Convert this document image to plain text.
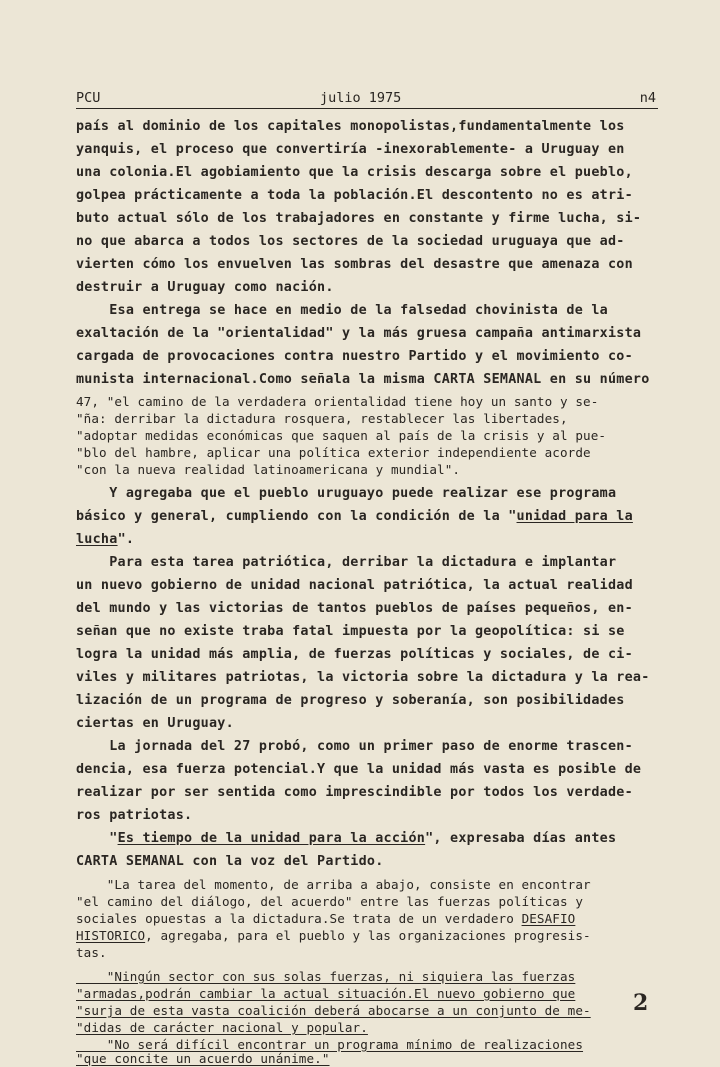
PCU	julio 1975	n4
país al dominio de los capitales monopolistas,fundamentalmente los
yanquis, el proceso que convertiría -inexorablemente- a Uruguay en
una colonia.El agobiamiento que la crisis descarga sobre el pueblo,
golpea prácticamente a toda la población.El descontento no es atri-
buto actual sólo de los trabajadores en constante y firme lucha, si-
no que abarca a todos los sectores de la sociedad uruguaya que ad-
vierten cómo los envuelven las sombras del desastre que amenaza con
destruir a Uruguay como nación.
Esa entrega se hace en medio de la falsedad chovinista de la
exaltación de la "orientalidad" y la más gruesa campaña antimarxista
cargada de provocaciones contra nuestro Partido y el movimiento co-
munista internacional.Como señala la misma CARTA SEMANAL en su número
47, "el camino de la verdadera orientalidad tiene hoy un santo y se-
"ña: derribar la dictadura rosquera, restablecer las libertades,
"adoptar medidas económicas que saquen al país de la crisis y al pue-
"blo del hambre, aplicar una política exterior independiente acorde
"con la nueva realidad latinoamericana y mundial".
Y agregaba que el pueblo uruguayo puede realizar ese programa
básico y general, cumpliendo con la condición de la "unidad para la
lucha".
Para esta tarea patriótica, derribar la dictadura e implantar
un nuevo gobierno de unidad nacional patriótica, la actual realidad
del mundo y las victorias de tantos pueblos de países pequeños, en-
señan que no existe traba fatal impuesta por la geopolítica: si se
logra la unidad más amplia, de fuerzas políticas y sociales, de ci-
viles y militares patriotas, la victoria sobre la dictadura y la rea-
lización de un programa de progreso y soberanía, son posibilidades
ciertas en Uruguay.
La jornada del 27 probó, como un primer paso de enorme trascen-
dencia, esa fuerza potencial.Y que la unidad más vasta es posible de
realizar por ser sentida como imprescindible por todos los verdade-
ros patriotas.
"Es tiempo de la unidad para la acción", expresaba días antes
CARTA SEMANAL con la voz del Partido.
"La tarea del momento, de arriba a abajo, consiste en encontrar
"el camino del diálogo, del acuerdo" entre las fuerzas políticas y
sociales opuestas a la dictadura.Se trata de un verdadero DESAFIO
HISTORICO, agregaba, para el pueblo y las organizaciones progresis-
tas.
"Ningún sector con sus solas fuerzas, ni siquiera las fuerzas
"armadas,podrán cambiar la actual situación.El nuevo gobierno que
"surja de esta vasta coalición deberá abocarse a un conjunto de me-
"didas de carácter nacional y popular.
"No será difícil encontrar un programa mínimo de realizaciones
"que concite un acuerdo unánime."
2
